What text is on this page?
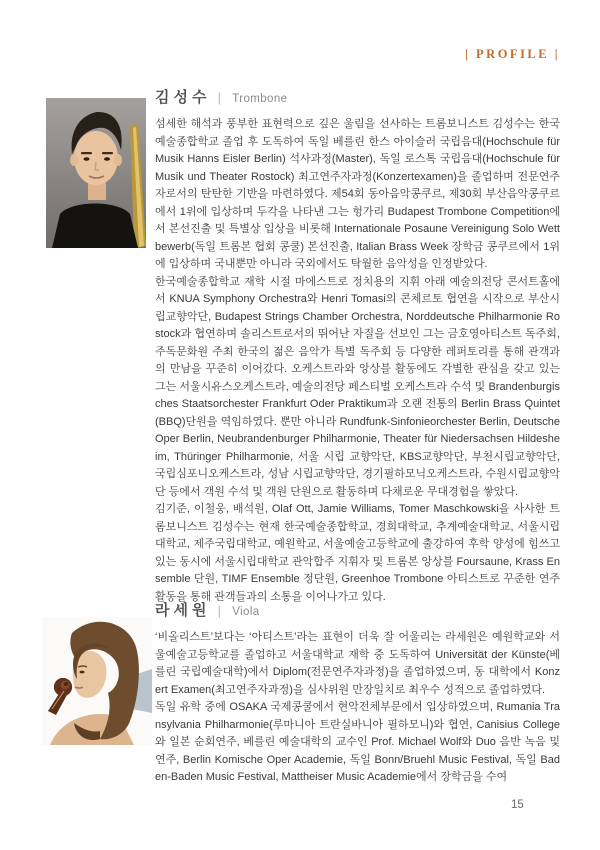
| PROFILE |
김성수 | Trombone

섬세한 해석과 풍부한 표현력으로 깊은 울림을 선사하는 트롬보니스트 김성수는 한국예술종합학교 졸업 후 도독하여 독일 베를린 한스 아이슬러 국립음대(Hochschule für Musik Hanns Eisler Berlin) 석사과정(Master), 독일 로스톡 국립음대(Hochschule für Musik und Theater Rostock) 최고연주자과정(Konzertexamen)을 졸업하며 전문연주자로서의 탄탄한 기반을 마련하였다. 제54회 동아음악콩쿠르, 제30회 부산음악콩쿠르에서 1위에 입상하며 두각을 나타낸 그는 헝가리 Budapest Trombone Competition에서 본선진출 및 특별상 입상을 비롯해 Internationale Posaune Vereinigung Solo Wettbewerb(독일 트롬본 협회 콩쿨) 본선진출, Italian Brass Week 장학금 콩쿠르에서 1위에 입상하며 국내뿐만 아니라 국외에서도 탁월한 음악성을 인정받았다.

한국예술종합학교 재학 시절 마에스트로 정치용의 지휘 아래 예술의전당 콘서트홀에서 KNUA Symphony Orchestra와 Henri Tomasi의 콘체르토 협연을 시작으로 부산시립교향악단, Budapest Strings Chamber Orchestra, Norddeutsche Philharmonie Rostock과 협연하며 솔리스트로서의 뛰어난 자질을 선보인 그는 금호영아티스트 독주회, 주독문화원 주최 한국의 젊은 음악가 특별 독주회 등 다양한 레퍼토리를 통해 관객과의 만남을 꾸준히 이어갔다. 오케스트라와 앙상블 활동에도 각별한 관심을 갖고 있는 그는 서울시유스오케스트라, 예술의전당 페스티벌 오케스트라 수석 및 Brandenburgisches Staatsorchester Frankfurt Oder Praktikum과 오랜 전통의 Berlin Brass Quintet(BBQ)단원을 역임하였다. 뿐만 아니라 Rundfunk-Sinfonieorchester Berlin, Deutsche Oper Berlin, Neubrandenburger Philharmonie, Theater für Niedersachsen Hildesheim, Thüringer Philharmonie, 서울 시립 교향악단, KBS교향악단, 부천시립교향악단, 국립심포니오케스트라, 성남 시립교향악단, 경기필하모닉오케스트라, 수원시립교향악단 등에서 객원 수석 및 객원 단원으로 활동하며 다채로운 무대경험을 쌓았다.

김기준, 이철웅, 배석원, Olaf Ott, Jamie Williams, Tomer Maschkowski을 사사한 트롬보니스트 김성수는 현재 한국예술종합학교, 경희대학교, 추계예술대학교, 서울시립대학교, 제주국립대학교, 예원학교, 서울예술고등학교에 출강하여 후학 양성에 힘쓰고 있는 동시에 서울시립대학교 관악합주 지휘자 및 트롬본 앙상블 Foursaune, Krass Ensemble 단원, TIMF Ensemble 정단원, Greenhoe Trombone 아티스트로 꾸준한 연주활동을 통해 관객들과의 소통을 이어나가고 있다.

라세원 | Viola

‘비올리스트’보다는 ‘아티스트’라는 표현이 더욱 잘 어울리는 라세원은 예원학교와 서울예술고등학교를 졸업하고 서울대학교 재학 중 도독하여 Universität der Künste(베를린 국립예술대학)에서 Diplom(전문연주자과정)을 졸업하였으며, 동 대학에서 Konzert Examen(최고연주자과정)을 심사위원 만장일치로 최우수 성적으로 졸업하였다.

독일 유학 중에 OSAKA 국제콩쿨에서 현악전체부문에서 입상하였으며, Rumania Transylvania Philharmonie(루마니아 트란실바니아 필하모니)와 협연, Canisius College와 일본 순회연주, 베를린 예술대학의 교수인 Prof. Michael Wolf와 Duo 음반 녹음 및 연주, Berlin Komische Oper Academie, 독일 Bonn/Bruehl Music Festival, 독일 Baden-Baden Music Festival, Mattheiser Music Academie에서 장학금을 수여

15
